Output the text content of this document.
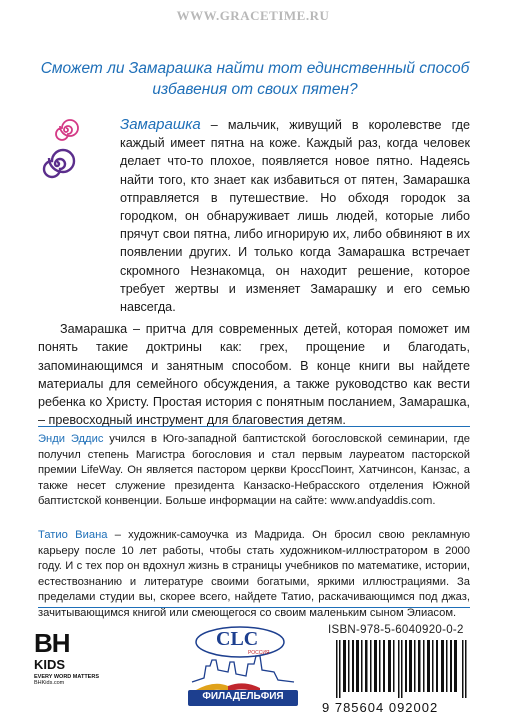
WWW.GRACETIME.RU
Сможет ли Замарашка найти тот единственный способ избавения от своих пятен?

Замарашка – мальчик, живущий в королевстве где каждый имеет пятна на коже. Каждый раз, когда человек делает что-то плохое, появляется новое пятно. Надеясь найти того, кто знает как избавиться от пятен, Замарашка отправляется в путешествие. Но обходя городок за городком, он обнаруживает лишь людей, которые либо прячут свои пятна, либо игнорирую их, либо обвиняют в их появлении других. И только когда Замарашка встречает скромного Незнакомца, он находит решение, которое требует жертвы и изменяет Замарашку и его семью навсегда.

Замарашка – притча для современных детей, которая поможет им понять такие доктрины как: грех, прощение и благодать, запоминающимся и занятным способом. В конце книги вы найдете материалы для семейного обсуждения, а также руководство как вести ребенка ко Христу. Простая история с понятным посланием, Замарашка, – превосходный инструмент для благовестия детям.

Энди Эддис учился в Юго-западной баптистской богословской семинарии, где получил степень Магистра богословия и стал первым лауреатом пасторской премии LifeWay. Он является пастором церкви КроссПоинт, Хатчинсон, Канзас, а также несет служение президента Канзаско-Небрасского отделения Южной баптистской конвенции. Больше информации на сайте: www.andyaddis.com.
Татио Виана – художник-самоучка из Мадрида. Он бросил свою рекламную карьеру после 10 лет работы, чтобы стать художником-иллюстратором в 2000 году. И с тех пор он вдохнул жизнь в страницы учебников по математике, истории, естествознанию и литературе своими богатыми, яркими иллюстрациями. За пределами студии вы, скорее всего, найдете Татио, раскачивающимся под джаз, зачитывающимся книгой или смеющегося со своим маленьким сыном Элиасом.
BH
KIDS
EVERY WORD MATTERS
BHKids.com
CLC
РОССИЯ
ФИЛАДЕЛЬФИЯ
ISBN-978-5-6040920-0-2
9 785604 092002
